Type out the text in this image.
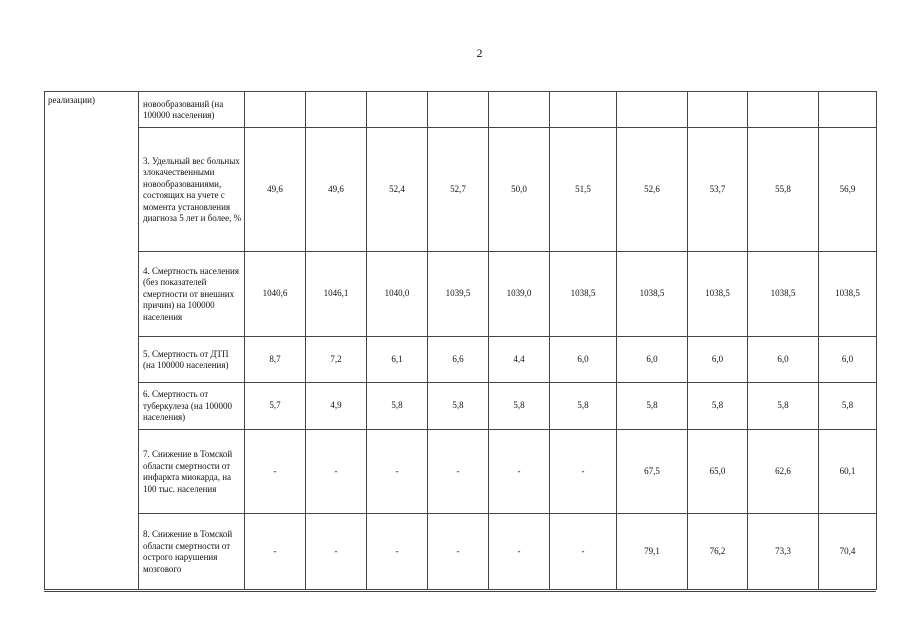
2
реализации)	новообразований (на 100000 населения)										
	3. Удельный вес больных злокачественными новообразованиями, состоящих на учете с момента установления диагноза 5 лет и более, %	49,6	49,6	52,4	52,7	50,0	51,5	52,6	53,7	55,8	56,9
	4. Смертность населения (без показателей смертности от внешних причин) на 100000 населения	1040,6	1046,1	1040,0	1039,5	1039,0	1038,5	1038,5	1038,5	1038,5	1038,5
	5. Смертность от ДТП (на 100000 населения)	8,7	7,2	6,1	6,6	4,4	6,0	6,0	6,0	6,0	6,0
	6. Смертность от туберкулеза (на 100000 населения)	5,7	4,9	5,8	5,8	5,8	5,8	5,8	5,8	5,8	5,8
	7. Снижение в Томской области смертности от инфаркта миокарда, на 100 тыс. населения	-	-	-	-	-	-	67,5	65,0	62,6	60,1
	8. Снижение в Томской области смертности от острого нарушения мозгового	-	-	-	-	-	-	79,1	76,2	73,3	70,4
